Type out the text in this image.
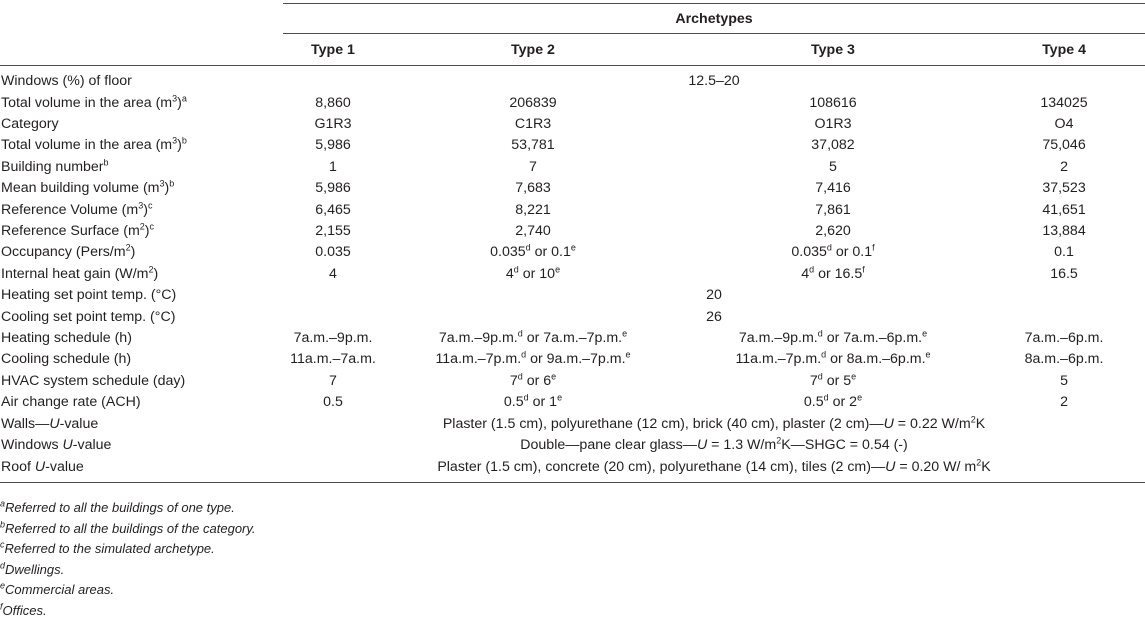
	Archetypes			
	Type 1	Type 2	Type 3	Type 4
Windows (%) of floor	12.5–20			
Total volume in the area $(m^3)^a$	8,860	206839	108616	134025
Category	G1R3	C1R3	O1R3	O4
Total volume in the area $(m^3)^b$	5,986	53,781	37,082	75,046
Building number$^b$	1	7	5	2
Mean building volume $(m^3)^b$	5,986	7,683	7,416	37,523
Reference Volume $(m^3)^c$	6,465	8,221	7,861	41,651
Reference Surface $(m^2)^c$	2,155	2,740	2,620	13,884
Occupancy $(Pers/m^2)$	0.035	0.035$^d$ or 0.1e	0.035$^d$ or 0.1$^f$	0.1
Internal heat gain $(W/m^2)$	4	4$^d$ or 10e	4$^d$ or 16.5$^f$	16.5
Heating set point temp. (°C)	20			
Cooling set point temp. (°C)	26			
Heating schedule (h)	7a.m.–9p.m.	7a.m.–9p.m.$^d$ or 7a.m.–7p.m.$^e$	7a.m.–9p.m.$^d$ or 7a.m.–6p.m.$^e$	7a.m.–6p.m.
Cooling schedule (h)	11a.m.–7a.m.	11a.m.–7p.m.$^d$ or 9a.m.–7p.m.$^e$	11a.m.–7p.m.$^d$ or 8a.m.–6p.m.$^e$	8a.m.–6p.m.
HVAC system schedule (day)	7	7$^d$ or 6e	7$^d$ or 5e	5
Air change rate (ACH)	0.5	0.5$^d$ or 1e	0.5$^d$ or 2e	2
Walls—U-value	Plaster (1.5 cm), polyurethane (12 cm), brick (40 cm), plaster (2 cm)—U = 0.22 $W/m^2K$			
Windows U-value	Double—pane clear glass—U = 1.3 $W/m^2K—SHGC = 0.54$ (-)			
Roof U-value	Plaster (1.5 cm), concrete (20 cm), polyurethane (14 cm), tiles (2 cm)—U = 0.20 W/ $m^2K$			
$^a$Referred to all the buildings of one type.
$^b$Referred to all the buildings of the category.
$^c$Referred to the simulated archetype.
$^d$Dwellings.
$^e$Commercial areas.
$^f$Offices.
